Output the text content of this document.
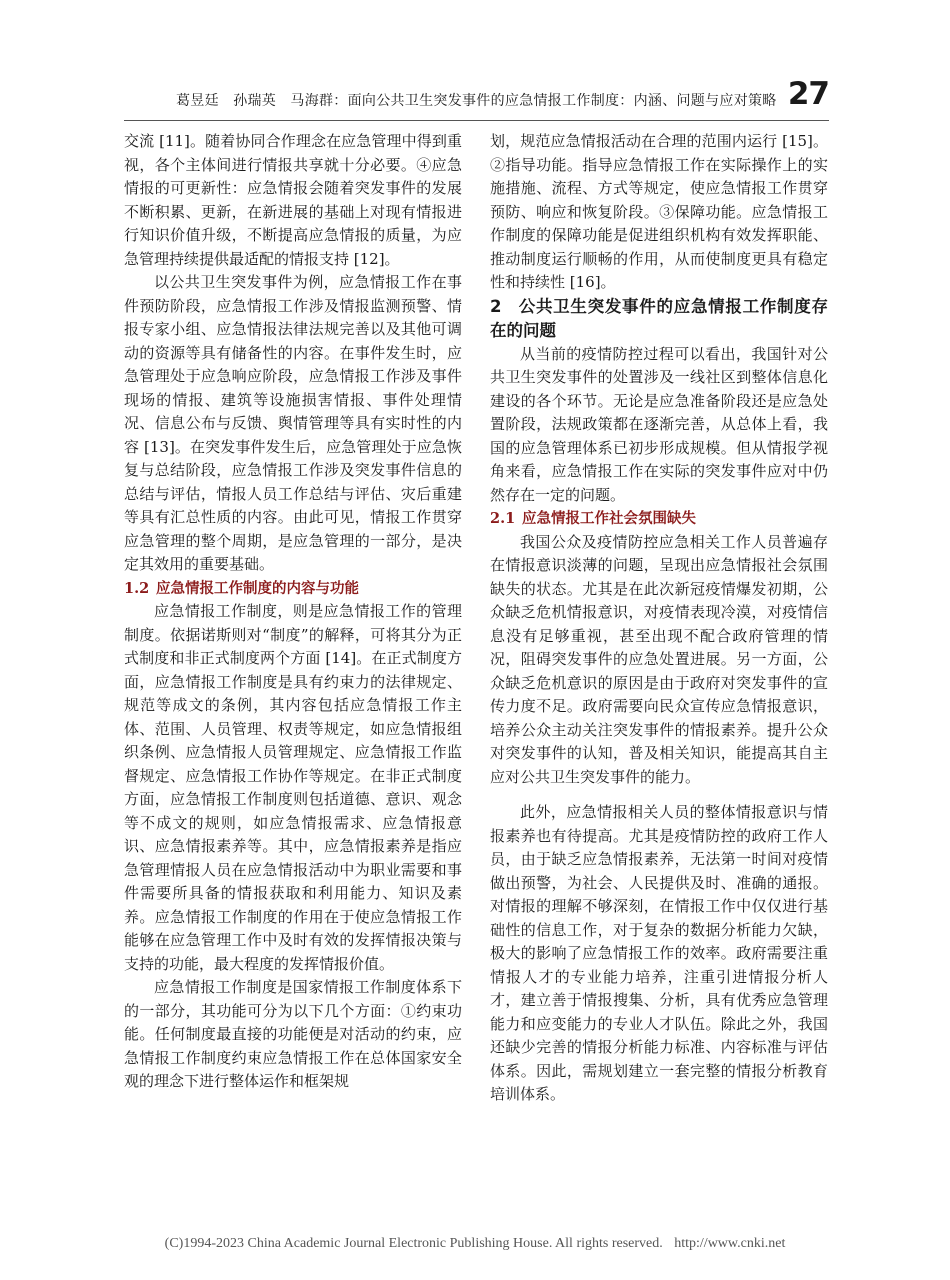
葛昱廷　孙瑞英　马海群：面向公共卫生突发事件的应急情报工作制度：内涵、问题与应对策略 27

交流 [11]。随着协同合作理念在应急管理中得到重视，各个主体间进行情报共享就十分必要。④应急情报的可更新性：应急情报会随着突发事件的发展不断积累、更新，在新进展的基础上对现有情报进行知识价值升级，不断提高应急情报的质量，为应急管理持续提供最适配的情报支持 [12]。

以公共卫生突发事件为例，应急情报工作在事件预防阶段，应急情报工作涉及情报监测预警、情报专家小组、应急情报法律法规完善以及其他可调动的资源等具有储备性的内容。在事件发生时，应急管理处于应急响应阶段，应急情报工作涉及事件现场的情报、建筑等设施损害情报、事件处理情况、信息公布与反馈、舆情管理等具有实时性的内容 [13]。在突发事件发生后，应急管理处于应急恢复与总结阶段，应急情报工作涉及突发事件信息的总结与评估，情报人员工作总结与评估、灾后重建等具有汇总性质的内容。由此可见，情报工作贯穿应急管理的整个周期，是应急管理的一部分，是决定其效用的重要基础。

1.2 应急情报工作制度的内容与功能

应急情报工作制度，则是应急情报工作的管理制度。依据诺斯则对“制度”的解释，可将其分为正式制度和非正式制度两个方面 [14]。在正式制度方面，应急情报工作制度是具有约束力的法律规定、规范等成文的条例，其内容包括应急情报工作主体、范围、人员管理、权责等规定，如应急情报组织条例、应急情报人员管理规定、应急情报工作监督规定、应急情报工作协作等规定。在非正式制度方面，应急情报工作制度则包括道德、意识、观念等不成文的规则，如应急情报需求、应急情报意识、应急情报素养等。其中，应急情报素养是指应急管理情报人员在应急情报活动中为职业需要和事件需要所具备的情报获取和利用能力、知识及素养。应急情报工作制度的作用在于使应急情报工作能够在应急管理工作中及时有效的发挥情报决策与支持的功能，最大程度的发挥情报价值。

应急情报工作制度是国家情报工作制度体系下的一部分，其功能可分为以下几个方面：①约束功能。任何制度最直接的功能便是对活动的约束，应急情报工作制度约束应急情报工作在总体国家安全观的理念下进行整体运作和框架规

划，规范应急情报活动在合理的范围内运行 [15]。②指导功能。指导应急情报工作在实际操作上的实施措施、流程、方式等规定，使应急情报工作贯穿预防、响应和恢复阶段。③保障功能。应急情报工作制度的保障功能是促进组织机构有效发挥职能、推动制度运行顺畅的作用，从而使制度更具有稳定性和持续性 [16]。

2 公共卫生突发事件的应急情报工作制度存在的问题

从当前的疫情防控过程可以看出，我国针对公共卫生突发事件的处置涉及一线社区到整体信息化建设的各个环节。无论是应急准备阶段还是应急处置阶段，法规政策都在逐渐完善，从总体上看，我国的应急管理体系已初步形成规模。但从情报学视角来看，应急情报工作在实际的突发事件应对中仍然存在一定的问题。

2.1 应急情报工作社会氛围缺失

我国公众及疫情防控应急相关工作人员普遍存在情报意识淡薄的问题，呈现出应急情报社会氛围缺失的状态。尤其是在此次新冠疫情爆发初期，公众缺乏危机情报意识，对疫情表现冷漠，对疫情信息没有足够重视，甚至出现不配合政府管理的情况，阻碍突发事件的应急处置进展。另一方面，公众缺乏危机意识的原因是由于政府对突发事件的宣传力度不足。政府需要向民众宣传应急情报意识，培养公众主动关注突发事件的情报素养。提升公众对突发事件的认知，普及相关知识，能提高其自主应对公共卫生突发事件的能力。

此外，应急情报相关人员的整体情报意识与情报素养也有待提高。尤其是疫情防控的政府工作人员，由于缺乏应急情报素养，无法第一时间对疫情做出预警，为社会、人民提供及时、准确的通报。对情报的理解不够深刻，在情报工作中仅仅进行基础性的信息工作，对于复杂的数据分析能力欠缺，极大的影响了应急情报工作的效率。政府需要注重情报人才的专业能力培养，注重引进情报分析人才，建立善于情报搜集、分析，具有优秀应急管理能力和应变能力的专业人才队伍。除此之外，我国还缺少完善的情报分析能力标准、内容标准与评估体系。因此，需规划建立一套完整的情报分析教育培训体系。

(C)1994-2023 China Academic Journal Electronic Publishing House. All rights reserved. http://www.cnki.net
